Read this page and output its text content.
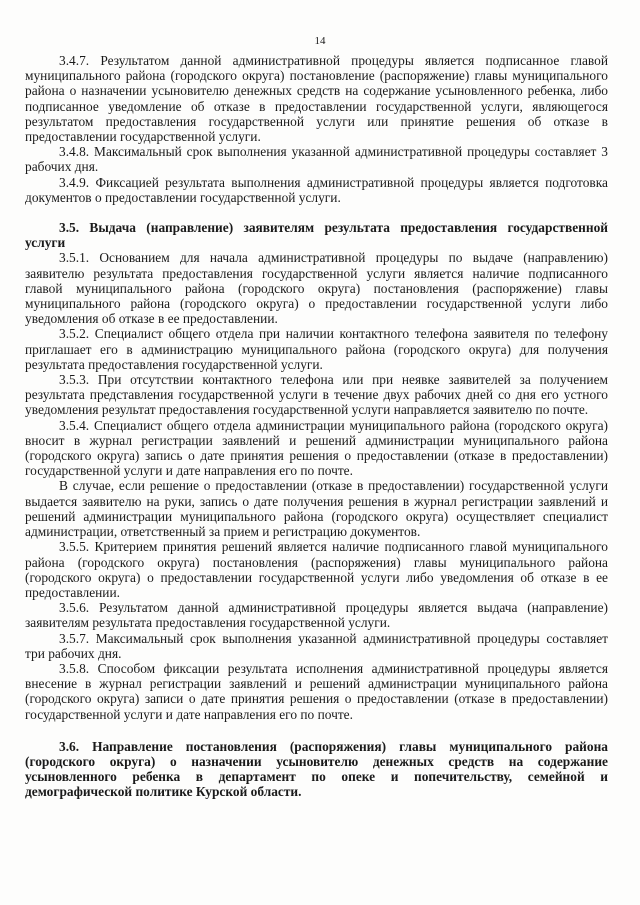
14

3.4.7. Результатом данной административной процедуры является подписанное главой муниципального района (городского округа) постановление (распоряжение) главы муниципального района о назначении усыновителю денежных средств на содержание усыновленного ребенка, либо подписанное уведомление об отказе в предоставлении государственной услуги, являющегося результатом предоставления государственной услуги или принятие решения об отказе в предоставлении государственной услуги.

3.4.8. Максимальный срок выполнения указанной административной процедуры составляет 3 рабочих дня.

3.4.9. Фиксацией результата выполнения административной процедуры является подготовка документов о предоставлении государственной услуги.

3.5. Выдача (направление) заявителям результата предоставления государственной услуги

3.5.1. Основанием для начала административной процедуры по выдаче (направлению) заявителю результата предоставления государственной услуги является наличие подписанного главой муниципального района (городского округа) постановления (распоряжение) главы муниципального района (городского округа) о предоставлении государственной услуги либо уведомления об отказе в ее предоставлении.

3.5.2. Специалист общего отдела при наличии контактного телефона заявителя по телефону приглашает его в администрацию муниципального района (городского округа) для получения результата предоставления государственной услуги.

3.5.3. При отсутствии контактного телефона или при неявке заявителей за получением результата представления государственной услуги в течение двух рабочих дней со дня его устного уведомления результат предоставления государственной услуги направляется заявителю по почте.

3.5.4. Специалист общего отдела администрации муниципального района (городского округа) вносит в журнал регистрации заявлений и решений администрации муниципального района (городского округа) запись о дате принятия решения о предоставлении (отказе в предоставлении) государственной услуги и дате направления его по почте.

В случае, если решение о предоставлении (отказе в предоставлении) государственной услуги выдается заявителю на руки, запись о дате получения решения в журнал регистрации заявлений и решений администрации муниципального района (городского округа) осуществляет специалист администрации, ответственный за прием и регистрацию документов.

3.5.5. Критерием принятия решений является наличие подписанного главой муниципального района (городского округа) постановления (распоряжения) главы муниципального района (городского округа) о предоставлении государственной услуги либо уведомления об отказе в ее предоставлении.

3.5.6. Результатом данной административной процедуры является выдача (направление) заявителям результата предоставления государственной услуги.

3.5.7. Максимальный срок выполнения указанной административной процедуры составляет три рабочих дня.

3.5.8. Способом фиксации результата исполнения административной процедуры является внесение в журнал регистрации заявлений и решений администрации муниципального района (городского округа) записи о дате принятия решения о предоставлении (отказе в предоставлении) государственной услуги и дате направления его по почте.

3.6. Направление постановления (распоряжения) главы муниципального района (городского округа) о назначении усыновителю денежных средств на содержание усыновленного ребенка в департамент по опеке и попечительству, семейной и демографической политике Курской области.
